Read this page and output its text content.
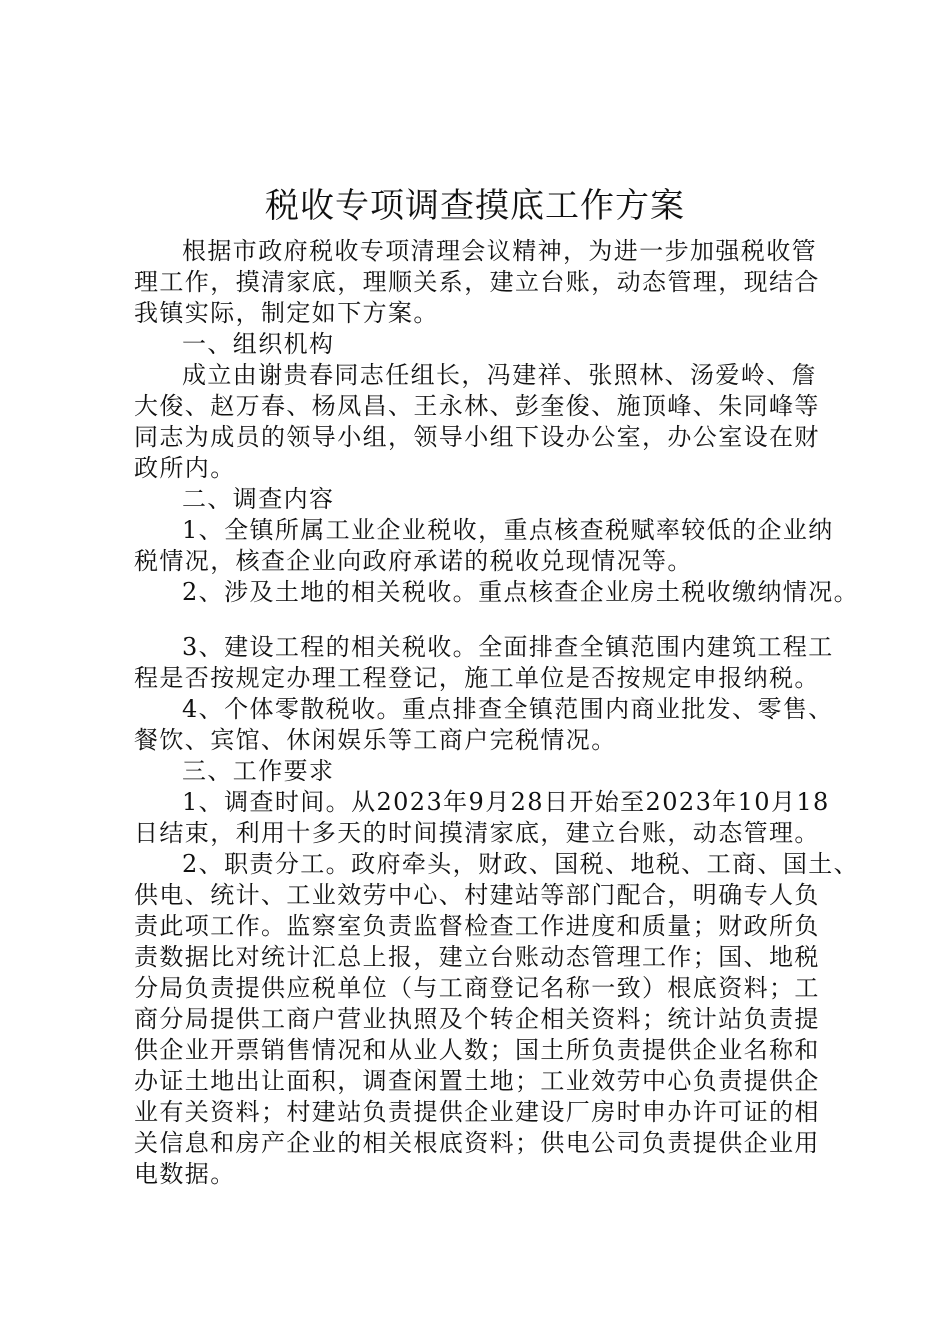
税收专项调查摸底工作方案
根据市政府税收专项清理会议精神，为进一步加强税收管
理工作，摸清家底，理顺关系，建立台账，动态管理，现结合
我镇实际，制定如下方案。
一、组织机构
成立由谢贵春同志任组长，冯建祥、张照林、汤爱岭、詹
大俊、赵万春、杨凤昌、王永林、彭奎俊、施顶峰、朱同峰等
同志为成员的领导小组，领导小组下设办公室，办公室设在财
政所内。
二、调查内容
1、全镇所属工业企业税收，重点核查税赋率较低的企业纳
税情况，核查企业向政府承诺的税收兑现情况等。
2、涉及土地的相关税收。重点核查企业房土税收缴纳情况。
3、建设工程的相关税收。全面排查全镇范围内建筑工程工
程是否按规定办理工程登记，施工单位是否按规定申报纳税。
4、个体零散税收。重点排查全镇范围内商业批发、零售、
餐饮、宾馆、休闲娱乐等工商户完税情况。
三、工作要求
1、调查时间。从2023年9月28日开始至2023年10月18
日结束，利用十多天的时间摸清家底，建立台账，动态管理。
2、职责分工。政府牵头，财政、国税、地税、工商、国土、
供电、统计、工业效劳中心、村建站等部门配合，明确专人负
责此项工作。监察室负责监督检查工作进度和质量；财政所负
责数据比对统计汇总上报，建立台账动态管理工作；国、地税
分局负责提供应税单位（与工商登记名称一致）根底资料；工
商分局提供工商户营业执照及个转企相关资料；统计站负责提
供企业开票销售情况和从业人数；国土所负责提供企业名称和
办证土地出让面积，调查闲置土地；工业效劳中心负责提供企
业有关资料；村建站负责提供企业建设厂房时申办许可证的相
关信息和房产企业的相关根底资料；供电公司负责提供企业用
电数据。
